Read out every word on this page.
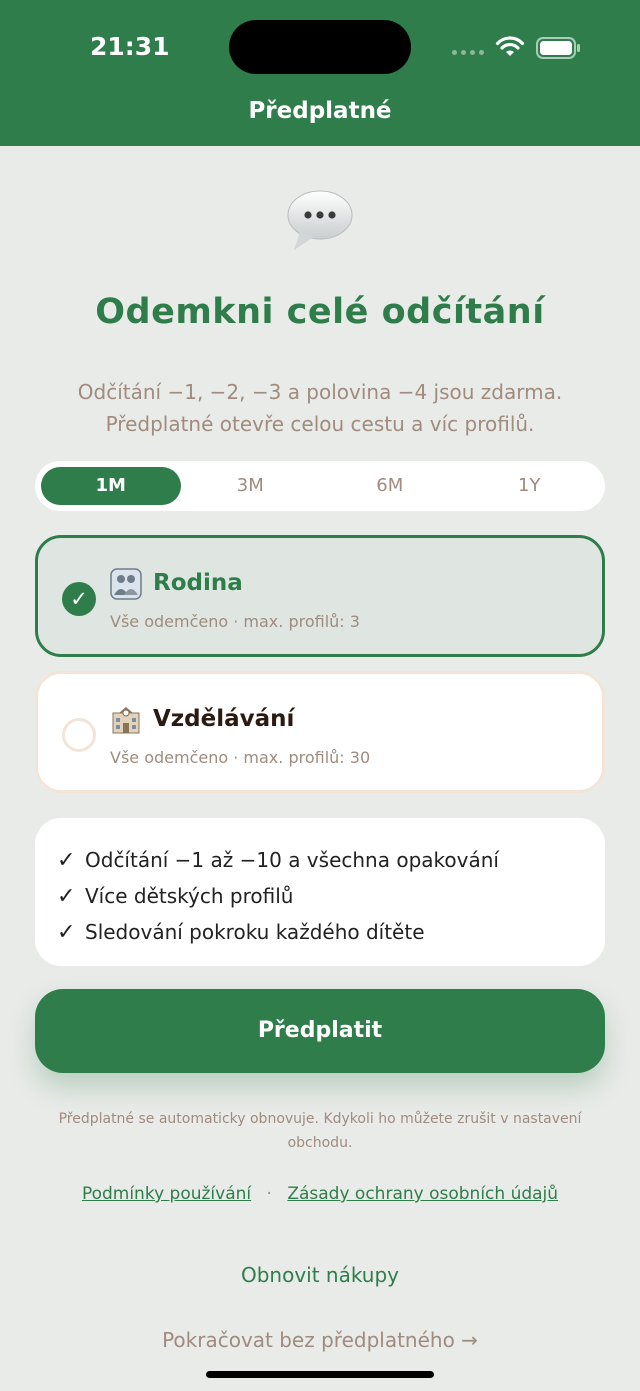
21:31
Předplatné
Odemkni celé odčítání
Odčítání −1, −2, −3 a polovina −4 jsou zdarma.
Předplatné otevře celou cestu a víc profilů.
1M	3M	6M	1Y
✓
Rodina
Vše odemčeno · max. profilů: 3
Vzdělávání
Vše odemčeno · max. profilů: 30
✓ Odčítání −1 až −10 a všechna opakování
✓ Více dětských profilů
✓ Sledování pokroku každého dítěte
Předplatit
Předplatné se automaticky obnovuje. Kdykoli ho můžete zrušit v nastavení obchodu.
Podmínky používání · Zásady ochrany osobních údajů
Obnovit nákupy
Pokračovat bez předplatného →
